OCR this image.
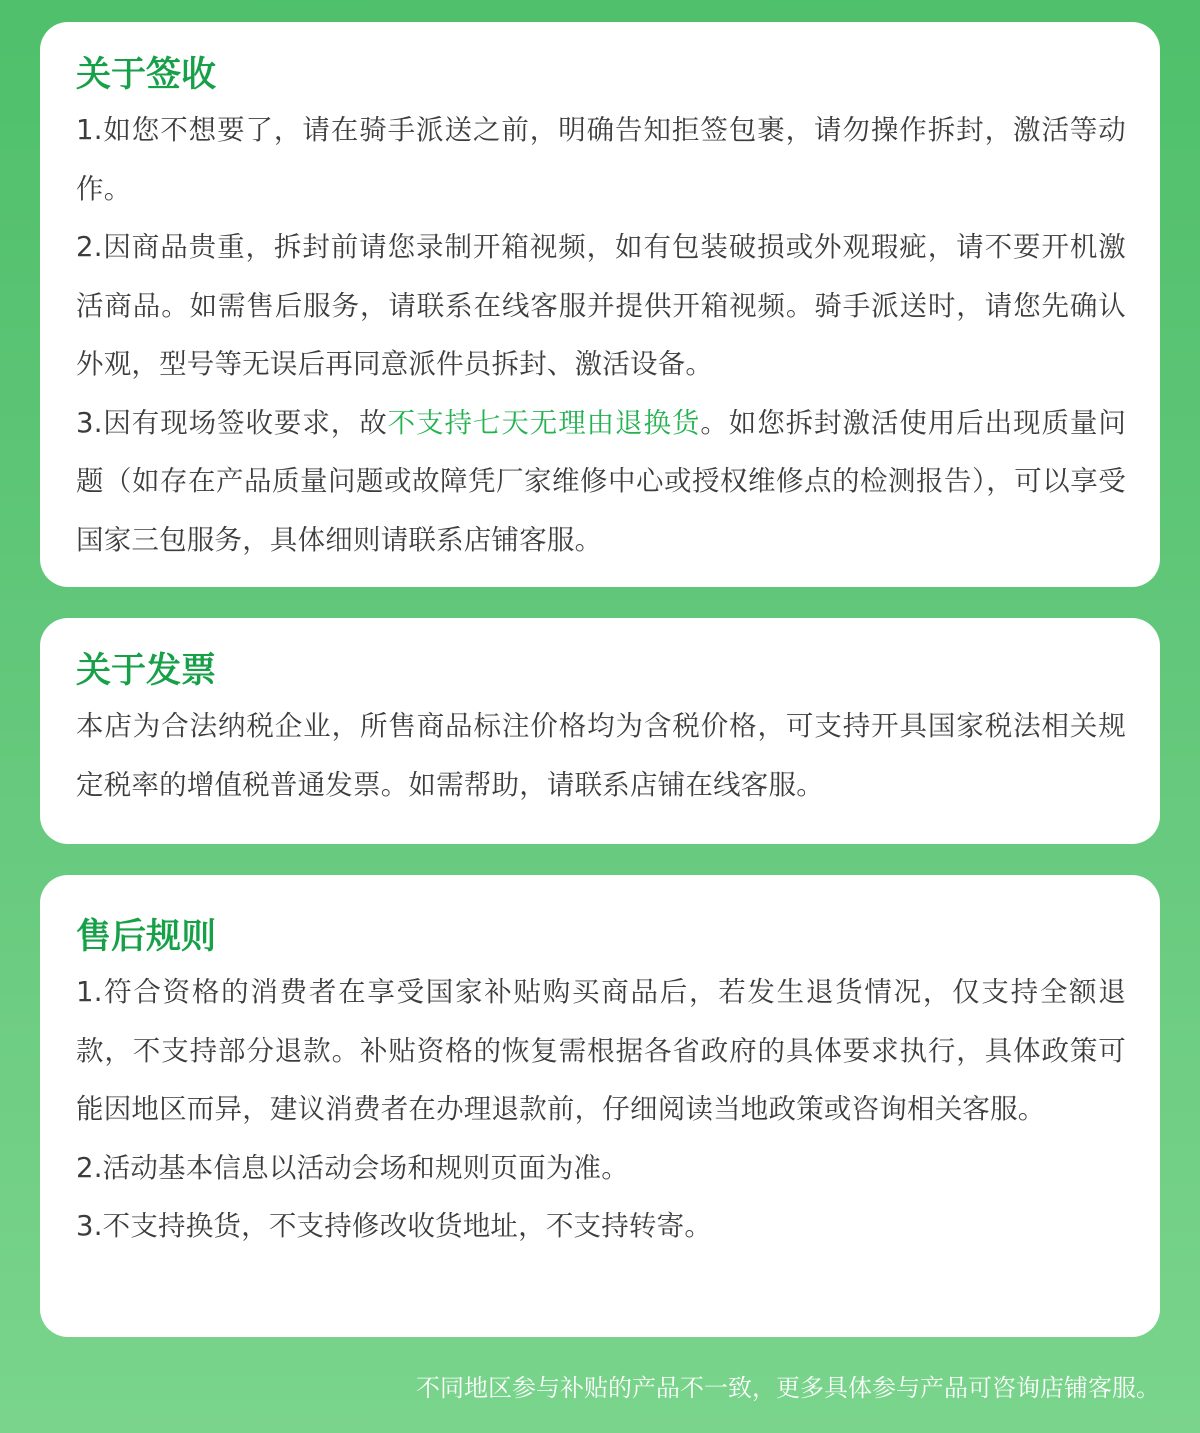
关于签收

1.如您不想要了，请在骑手派送之前，明确告知拒签包裹，请勿操作拆封，激活等动作。

2.因商品贵重，拆封前请您录制开箱视频，如有包装破损或外观瑕疵，请不要开机激活商品。如需售后服务，请联系在线客服并提供开箱视频。骑手派送时，请您先确认外观，型号等无误后再同意派件员拆封、激活设备。

3.因有现场签收要求，故不支持七天无理由退换货。如您拆封激活使用后出现质量问题（如存在产品质量问题或故障凭厂家维修中心或授权维修点的检测报告），可以享受国家三包服务，具体细则请联系店铺客服。

关于发票

本店为合法纳税企业，所售商品标注价格均为含税价格，可支持开具国家税法相关规定税率的增值税普通发票。如需帮助，请联系店铺在线客服。

售后规则

1.符合资格的消费者在享受国家补贴购买商品后，若发生退货情况，仅支持全额退款，不支持部分退款。补贴资格的恢复需根据各省政府的具体要求执行，具体政策可能因地区而异，建议消费者在办理退款前，仔细阅读当地政策或咨询相关客服。

2.活动基本信息以活动会场和规则页面为准。

3.不支持换货，不支持修改收货地址，不支持转寄。

不同地区参与补贴的产品不一致，更多具体参与产品可咨询店铺客服。
